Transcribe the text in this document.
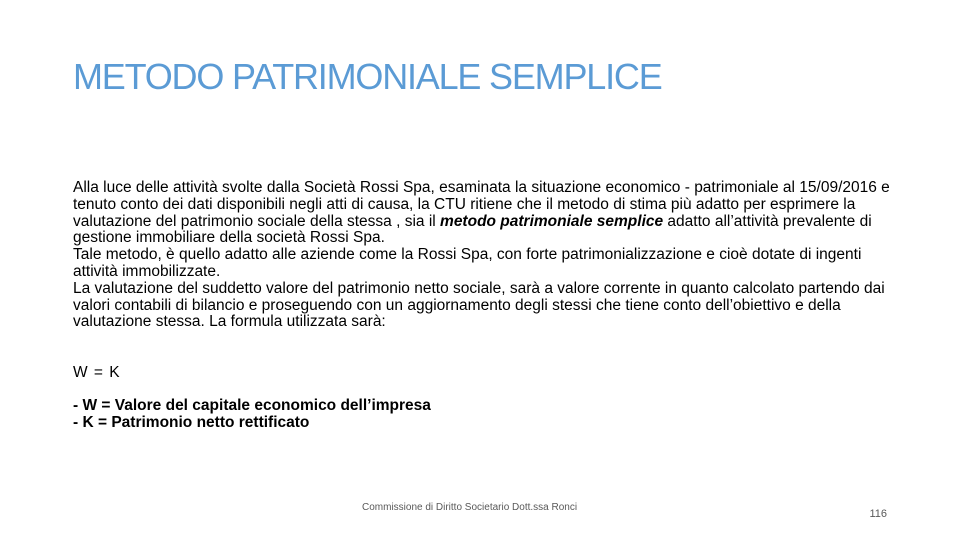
METODO PATRIMONIALE SEMPLICE
Alla luce delle attività svolte dalla Società Rossi Spa, esaminata la situazione economico - patrimoniale al 15/09/2016 e tenuto conto dei dati disponibili negli atti di causa, la CTU ritiene che il metodo di stima più adatto per esprimere la valutazione del patrimonio sociale della stessa , sia il metodo patrimoniale semplice adatto all’attività prevalente di gestione immobiliare della società Rossi Spa.
Tale metodo, è quello adatto alle aziende come la Rossi Spa, con forte patrimonializzazione e cioè dotate di ingenti attività immobilizzate.
La valutazione del suddetto valore del patrimonio netto sociale, sarà a valore corrente in quanto calcolato partendo dai valori contabili di bilancio e proseguendo con un aggiornamento degli stessi che tiene conto dell’obiettivo e della valutazione stessa. La formula utilizzata sarà:
W = K
- W = Valore del capitale economico dell’impresa
- K = Patrimonio netto rettificato
Commissione di Diritto Societario Dott.ssa Ronci
116
